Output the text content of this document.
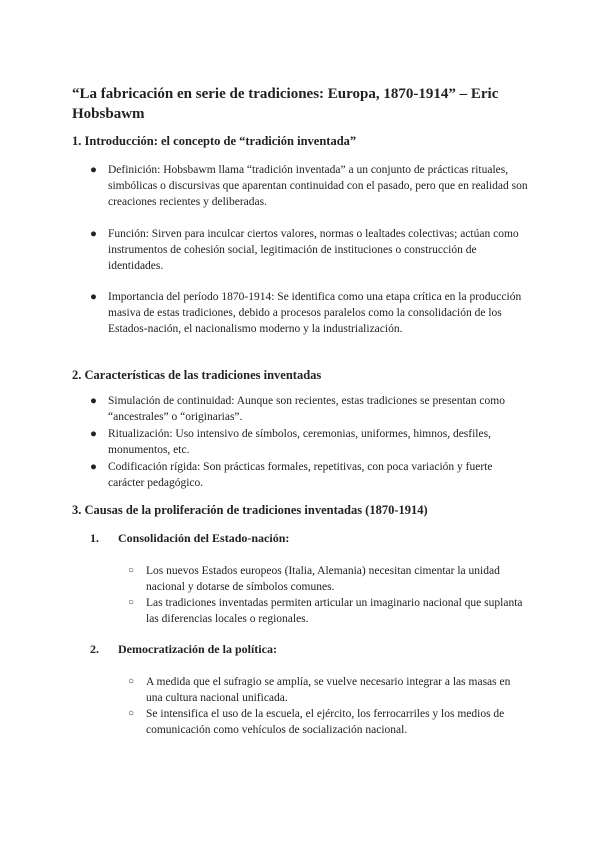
“La fabricación en serie de tradiciones: Europa, 1870-1914” – Eric Hobsbawm

1. Introducción: el concepto de “tradición inventada”

● Definición: Hobsbawm llama “tradición inventada” a un conjunto de prácticas rituales, simbólicas o discursivas que aparentan continuidad con el pasado, pero que en realidad son creaciones recientes y deliberadas.
● Función: Sirven para inculcar ciertos valores, normas o lealtades colectivas; actúan como instrumentos de cohesión social, legitimación de instituciones o construcción de identidades.
● Importancia del período 1870-1914: Se identifica como una etapa crítica en la producción masiva de estas tradiciones, debido a procesos paralelos como la consolidación de los Estados-nación, el nacionalismo moderno y la industrialización.

2. Características de las tradiciones inventadas

● Simulación de continuidad: Aunque son recientes, estas tradiciones se presentan como “ancestrales” o “originarias”.
● Ritualización: Uso intensivo de símbolos, ceremonias, uniformes, himnos, desfiles, monumentos, etc.
● Codificación rígida: Son prácticas formales, repetitivas, con poca variación y fuerte carácter pedagógico.

3. Causas de la proliferación de tradiciones inventadas (1870-1914)

1. Consolidación del Estado-nación:

○ Los nuevos Estados europeos (Italia, Alemania) necesitan cimentar la unidad nacional y dotarse de símbolos comunes.
○ Las tradiciones inventadas permiten articular un imaginario nacional que suplanta las diferencias locales o regionales.

2. Democratización de la política:

○ A medida que el sufragio se amplía, se vuelve necesario integrar a las masas en una cultura nacional unificada.
○ Se intensifica el uso de la escuela, el ejército, los ferrocarriles y los medios de comunicación como vehículos de socialización nacional.
